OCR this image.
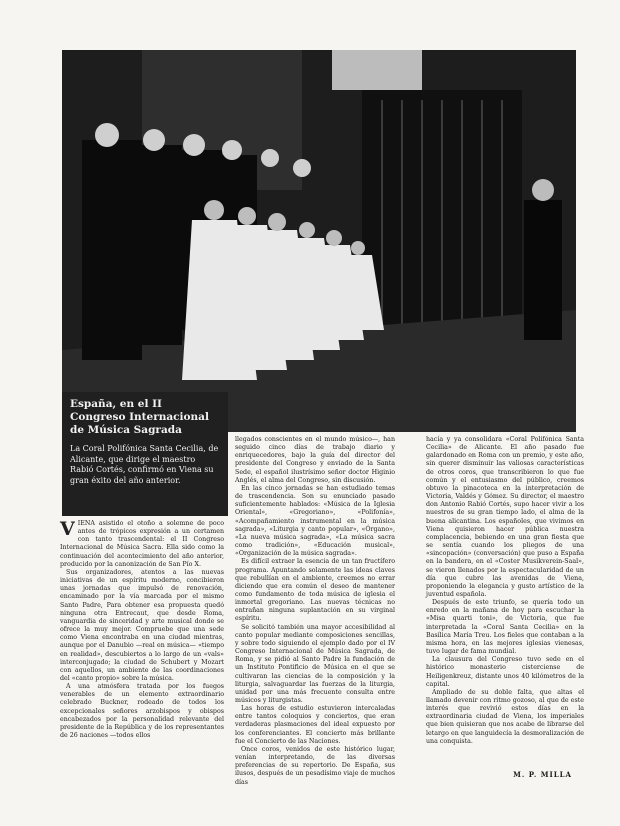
España, en el II Congreso Internacional de Música Sagrada

La Coral Polifónica Santa Cecilia, de Alicante, que dirige el maestro Rabió Cortés, confirmó en Viena su gran éxito del año anterior.

V IENA asistido el otoño a solemne de poco antes de trópicos expresión a un certamen con tanto trascendental: el II Congreso Internacional de Música Sacra. Ella sido como la continuación del acontecimiento del año anterior, producido por la canonización de San Pío X.

Sus organizadores, atentos a las nuevas iniciativas de un espíritu moderno, concibieron unas jornadas que impulsó de renovación, encaminado por la vía marcada por el mismo Santo Padre, Para obtener esa propuesta quedó ninguna otra Entrecaut, que desde Roma, vanguardia de sinceridad y arte musical donde se ofrece la muy mejor. Compruebe que una sede como Viena encontraba en una ciudad mientras, aunque por el Danubio —real en música— «tiempo en realidad», descubiertos a lo largo de un «vals» interconjugado; la ciudad de Schubert y Mozart con aquellos, un ambiente de las coordinaciones del «canto propio» sobre la música.

A una atmósfera tratada por los fuegos venerables de un elemento extraordinario celebrado Buckner, rodeado de todos los excepcionales señores arzobispos y obispos encabezados por la personalidad relevante del presidente de la República y de los representantes de 26 naciones —todos ellos

llegados conscientes en el mundo músico—, han seguido cinco días de trabajo diario y enriquecedores, bajo la guía del director del presidente del Congreso y enviado de la Santa Sede, el español ilustrísimo señor doctor Higinio Anglés, el alma del Congreso, sin discusión.

En las cinco jornadas se han estudiado temas de trascendencia. Son su enunciado pasado suficientemente hablados: «Música de la Iglesia Oriental», «Gregoriano», «Polifonía», «Acompañamiento instrumental en la música sagrada», «Liturgia y canto popular», «Órgano», «La nueva música sagrada», «La música sacra como tradición», «Educación musical», «Organización de la música sagrada».

Es difícil extraer la esencia de un tan fructífero programa. Apuntando solamente las ideas claves que rebullían en el ambiente, creemos no errar diciendo que era común el deseo de mantener como fundamento de toda música de iglesia el inmortal gregoriano. Las nuevas técnicas no entrañan ninguna suplantación en su virginal espíritu.

Se solicitó también una mayor accesibilidad al canto popular mediante composiciones sencillas, y sobre todo siguiendo el ejemplo dado por el IV Congreso Internacional de Música Sagrada, de Roma, y se pidió al Santo Padre la fundación de un Instituto Pontificio de Música en el que se cultivaran las ciencias de la composición y la liturgia, salvaguardar las fuerzas de la liturgia, unidad por una más frecuente consulta entre músicos y liturgistas.

Las horas de estudio estuvieron intercaladas entre tantos coloquios y conciertos, que eran verdaderas plasmaciones del ideal expuesto por los conferenciantes. El concierto más brillante fue el Concierto de las Naciones.

Once coros, venidos de este histórico lugar, venían interpretando, de las diversas preferencias de su repertorio. De España, sus ilusos, después de un pesadísimo viaje de muchos días

hacía y ya consolidara «Coral Polifónica Santa Cecilia» de Alicante. El año pasado fue galardonado en Roma con un premio, y este año, sin querer disminuir las valiosas características de otros coros, que transcribieron lo que fue común y el entusiasmo del público, creemos obtuvo la pinacoteca en la interpretación de Victoria, Valdés y Gómez. Su director, el maestro don Antonio Rabió Cortés, supo hacer vivir a los nuestros de su gran tiempo lado, el alma de la buena alicantina. Los españoles, que vivimos en Viena quisieron hacer pública nuestra complacencia, bebiendo en una gran fiesta que se sentía cuando los pliegos de una «sincopación» (conversación) que puso a España en la bandera, en el «Coster Musikverein-Saal», se vieron llenados por la espectacularidad de un día que cubre las avenidas de Viena, proponiendo la elegancia y gusto artístico de la juventud española.

Después de este triunfo, se quería todo un enredo en la mañana de hoy para escuchar la «Misa quarti toni», de Victoria, que fue interpretada la «Coral Santa Cecilia» en la Basílica María Treu. Los fieles que contaban a la misma hora, en las mejores iglesias vienesas, tuvo lugar de fama mundial.

La clausura del Congreso tuvo sede en el histórico monasterio cisterciense de Heiligenkreuz, distante unos 40 kilómetros de la capital.

Ampliado de su doble falta, que altas el llamado devenir con ritmo gozoso, al que de este interés que revivió estos días en la extraordinaria ciudad de Viena, los imperiales que bien quisieran que nos acabe de librarse del letargo en que languidecía la desmoralización de una conquista.

M. P. MILLA
